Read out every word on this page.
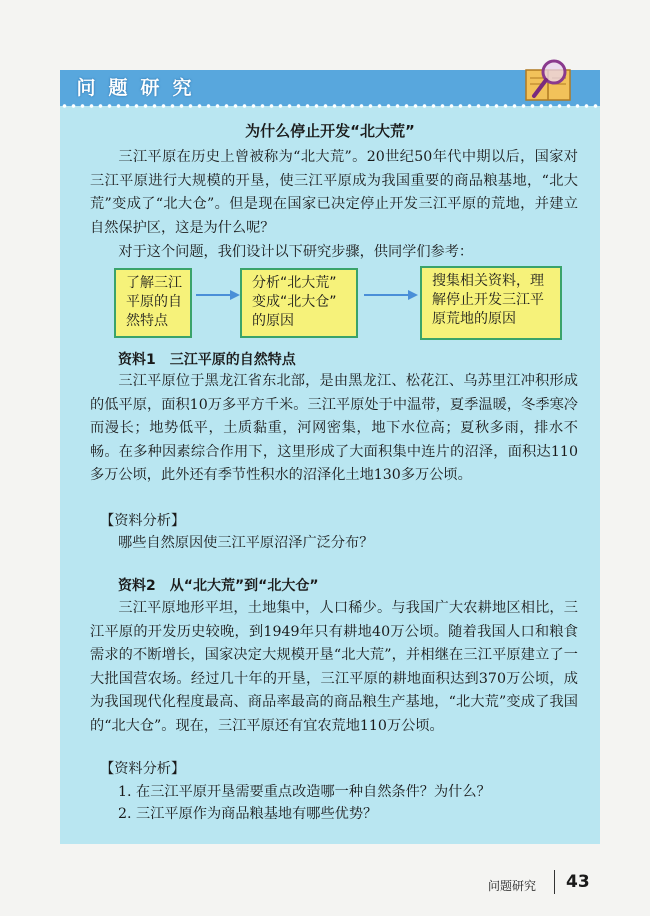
问 题 研 究
为什么停止开发“北大荒”

三江平原在历史上曾被称为“北大荒”。20世纪50年代中期以后，国家对三江平原进行大规模的开垦，使三江平原成为我国重要的商品粮基地，“北大荒”变成了“北大仓”。但是现在国家已决定停止开发三江平原的荒地，并建立自然保护区，这是为什么呢？

对于这个问题，我们设计以下研究步骤，供同学们参考：

了解三江
平原的自
然特点
分析“北大荒”
变成“北大仓”
的原因
搜集相关资料，理
解停止开发三江平
原荒地的原因
资料1　三江平原的自然特点

三江平原位于黑龙江省东北部，是由黑龙江、松花江、乌苏里江冲积形成的低平原，面积10万多平方千米。三江平原处于中温带，夏季温暖，冬季寒冷而漫长；地势低平，土质黏重，河网密集，地下水位高；夏秋多雨，排水不畅。在多种因素综合作用下，这里形成了大面积集中连片的沼泽，面积达110多万公顷，此外还有季节性积水的沼泽化土地130多万公顷。

【资料分析】
哪些自然原因使三江平原沼泽广泛分布？
资料2　从“北大荒”到“北大仓”

三江平原地形平坦，土地集中，人口稀少。与我国广大农耕地区相比，三江平原的开发历史较晚，到1949年只有耕地40万公顷。随着我国人口和粮食需求的不断增长，国家决定大规模开垦“北大荒”，并相继在三江平原建立了一大批国营农场。经过几十年的开垦，三江平原的耕地面积达到370万公顷，成为我国现代化程度最高、商品率最高的商品粮生产基地，“北大荒”变成了我国的“北大仓”。现在，三江平原还有宜农荒地110万公顷。

【资料分析】
1. 在三江平原开垦需要重点改造哪一种自然条件？为什么？
2. 三江平原作为商品粮基地有哪些优势？
问题研究 43
